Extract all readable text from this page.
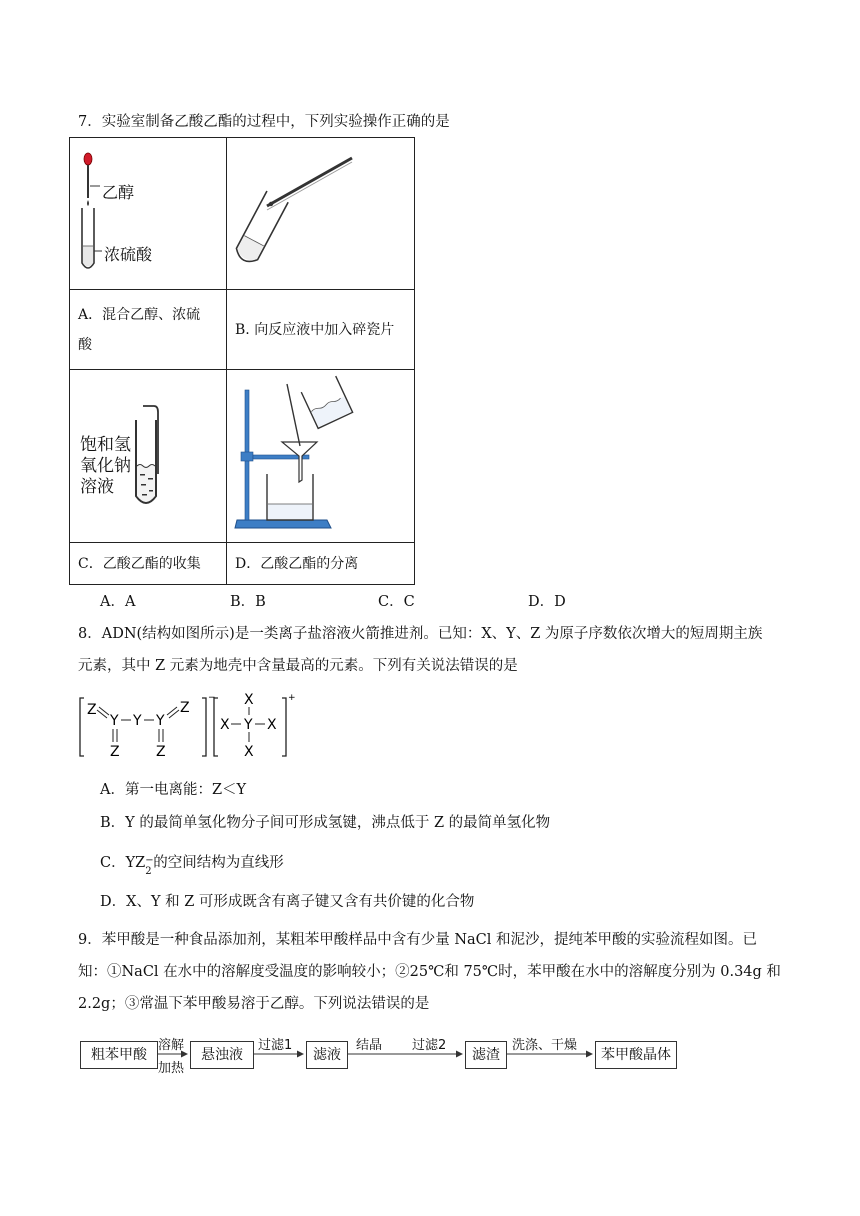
7．实验室制备乙酸乙酯的过程中，下列实验操作正确的是
乙醇
浓硫酸

A．混合乙醇、浓硫
酸	B. 向反应液中加入碎瓷片

饱和氢
氧化钠
溶液

C．乙酸乙酯的收集	D．乙酸乙酯的分离
A．A	B．B	C．C	D．D
8．ADN(结构如图所示)是一类离子盐溶液火箭推进剂。已知：X、Y、Z 为原子序数依次增大的短周期主族
元素，其中 Z 元素为地壳中含量最高的元素。下列有关说法错误的是
Z
Y Y Y
Z
Z	Z
− X
X Y X
X
+
A．第一电离能：Z＜Y
B．Y 的最简单氢化物分子间可形成氢键，沸点低于 Z 的最简单氢化物
C．YZ −
2
的空间结构为直线形
D．X、Y 和 Z 可形成既含有离子键又含有共价键的化合物
9．苯甲酸是一种食品添加剂，某粗苯甲酸样品中含有少量 NaCl 和泥沙，提纯苯甲酸的实验流程如图。已
知：①NaCl 在水中的溶解度受温度的影响较小；②25℃和 75℃时，苯甲酸在水中的溶解度分别为 0.34g 和
2.2g；③常温下苯甲酸易溶于乙醇。下列说法错误的是
粗苯甲酸
溶解
加热
悬浊液
过滤1
滤液
结晶 过滤2
滤渣
洗涤、干燥
苯甲酸晶体
